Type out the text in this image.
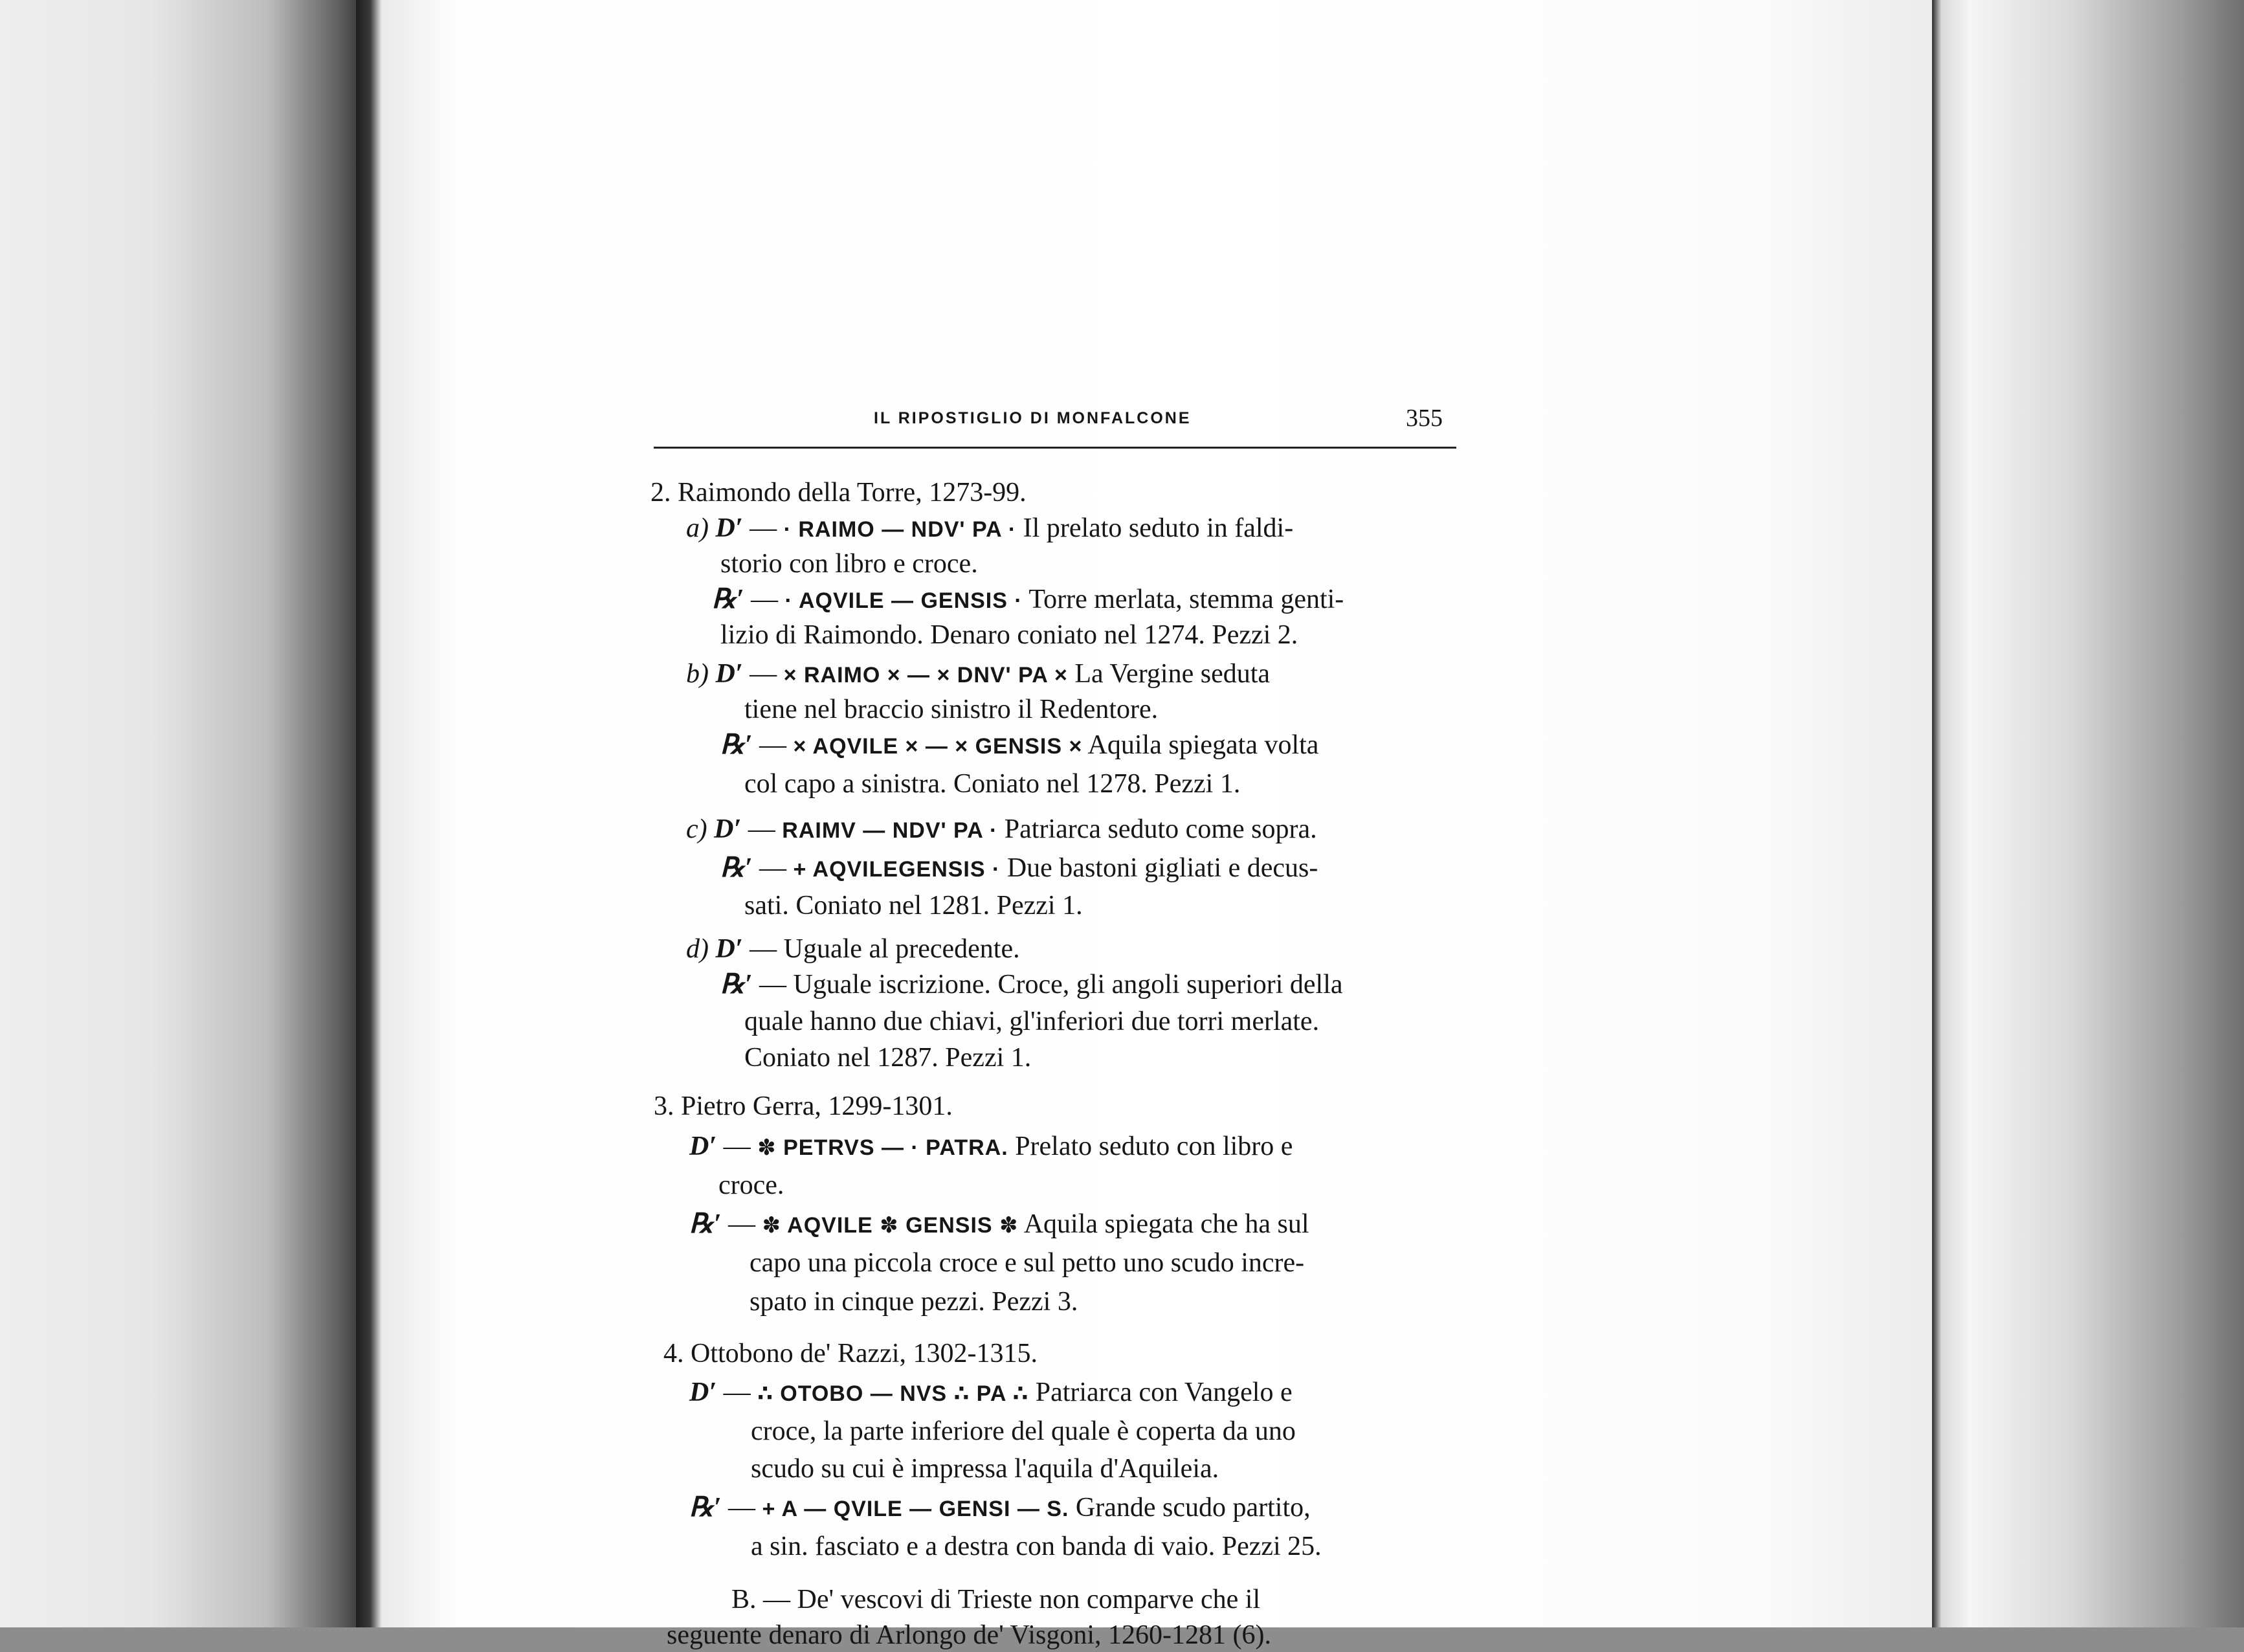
IL RIPOSTIGLIO DI MONFALCONE	355
2. Raimondo della Torre, 1273-99.
a) D′ — · RAIMO — NDV' PA · Il prelato seduto in faldi-
storio con libro e croce.
℞′ — · AQVILE — GENSIS · Torre merlata, stemma genti-
lizio di Raimondo. Denaro coniato nel 1274. Pezzi 2.
b) D′ — × RAIMO × — × DNV' PA × La Vergine seduta
tiene nel braccio sinistro il Redentore.
℞′ — × AQVILE × — × GENSIS × Aquila spiegata volta
col capo a sinistra. Coniato nel 1278. Pezzi 1.
c) D′ — RAIMV — NDV' PA · Patriarca seduto come sopra.
℞′ — + AQVILEGENSIS · Due bastoni gigliati e decus-
sati. Coniato nel 1281. Pezzi 1.
d) D′ — Uguale al precedente.
℞′ — Uguale iscrizione. Croce, gli angoli superiori della
quale hanno due chiavi, gl'inferiori due torri merlate.
Coniato nel 1287. Pezzi 1.
3. Pietro Gerra, 1299-1301.
D′ — ✽ PETRVS — · PATRA. Prelato seduto con libro e
croce.
℞′ — ✽ AQVILE ✽ GENSIS ✽ Aquila spiegata che ha sul
capo una piccola croce e sul petto uno scudo incre-
spato in cinque pezzi. Pezzi 3.
4. Ottobono de' Razzi, 1302-1315.
D′ — ∴ OTOBO — NVS ∴ PA ∴ Patriarca con Vangelo e
croce, la parte inferiore del quale è coperta da uno
scudo su cui è impressa l'aquila d'Aquileia.
℞′ — + A — QVILE — GENSI — S. Grande scudo partito,
a sin. fasciato e a destra con banda di vaio. Pezzi 25.
B. — De' vescovi di Trieste non comparve che il
seguente denaro di Arlongo de' Visgoni, 1260-1281 (6).
